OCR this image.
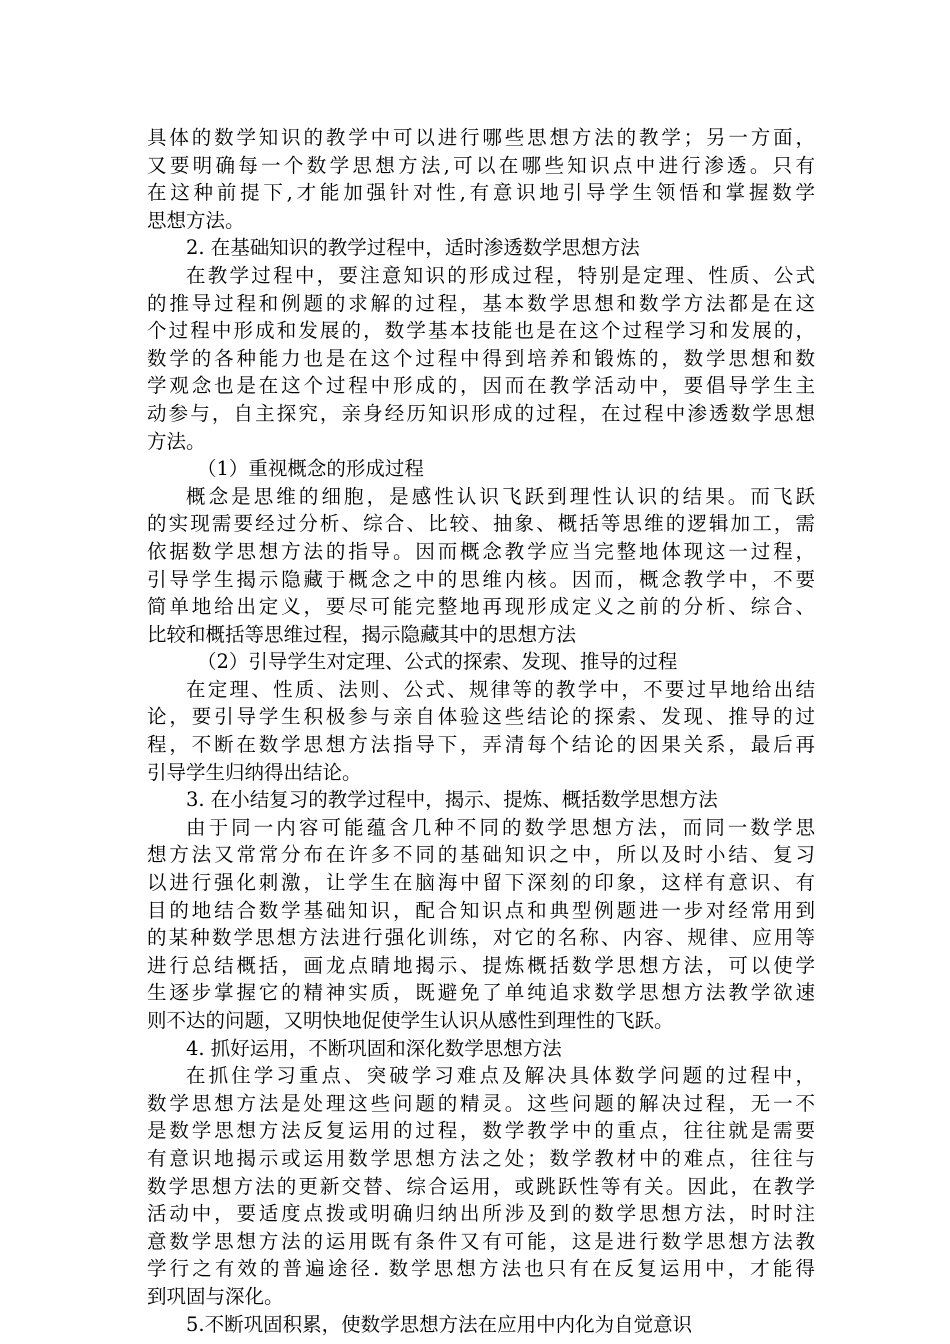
具体的数学知识的教学中可以进行哪些思想方法的教学；另一方面，
又要明确每一个数学思想方法,可以在哪些知识点中进行渗透。只有
在这种前提下,才能加强针对性,有意识地引导学生领悟和掌握数学
思想方法。
2. 在基础知识的教学过程中，适时渗透数学思想方法
在教学过程中，要注意知识的形成过程，特别是定理、性质、公式
的推导过程和例题的求解的过程，基本数学思想和数学方法都是在这
个过程中形成和发展的，数学基本技能也是在这个过程学习和发展的，
数学的各种能力也是在这个过程中得到培养和锻炼的，数学思想和数
学观念也是在这个过程中形成的，因而在教学活动中，要倡导学生主
动参与，自主探究，亲身经历知识形成的过程，在过程中渗透数学思想
方法。
（1）重视概念的形成过程
概念是思维的细胞，是感性认识飞跃到理性认识的结果。而飞跃
的实现需要经过分析、综合、比较、抽象、概括等思维的逻辑加工，需
依据数学思想方法的指导。因而概念教学应当完整地体现这一过程，
引导学生揭示隐藏于概念之中的思维内核。因而，概念教学中，不要
简单地给出定义，要尽可能完整地再现形成定义之前的分析、综合、
比较和概括等思维过程，揭示隐藏其中的思想方法
（2）引导学生对定理、公式的探索、发现、推导的过程
在定理、性质、法则、公式、规律等的教学中，不要过早地给出结
论，要引导学生积极参与亲自体验这些结论的探索、发现、推导的过
程，不断在数学思想方法指导下，弄清每个结论的因果关系，最后再
引导学生归纳得出结论。
3. 在小结复习的教学过程中，揭示、提炼、概括数学思想方法
由于同一内容可能蕴含几种不同的数学思想方法，而同一数学思
想方法又常常分布在许多不同的基础知识之中，所以及时小结、复习
以进行强化刺激，让学生在脑海中留下深刻的印象，这样有意识、有
目的地结合数学基础知识，配合知识点和典型例题进一步对经常用到
的某种数学思想方法进行强化训练，对它的名称、内容、规律、应用等
进行总结概括，画龙点睛地揭示、提炼概括数学思想方法，可以使学
生逐步掌握它的精神实质，既避免了单纯追求数学思想方法教学欲速
则不达的问题，又明快地促使学生认识从感性到理性的飞跃。
4. 抓好运用，不断巩固和深化数学思想方法
在抓住学习重点、突破学习难点及解决具体数学问题的过程中，
数学思想方法是处理这些问题的精灵。这些问题的解决过程，无一不
是数学思想方法反复运用的过程，数学教学中的重点，往往就是需要
有意识地揭示或运用数学思想方法之处；数学教材中的难点，往往与
数学思想方法的更新交替、综合运用，或跳跃性等有关。因此，在教学
活动中，要适度点拨或明确归纳出所涉及到的数学思想方法，时时注
意数学思想方法的运用既有条件又有可能，这是进行数学思想方法教
学行之有效的普遍途径. 数学思想方法也只有在反复运用中，才能得
到巩固与深化。
5.不断巩固积累，使数学思想方法在应用中内化为自觉意识
